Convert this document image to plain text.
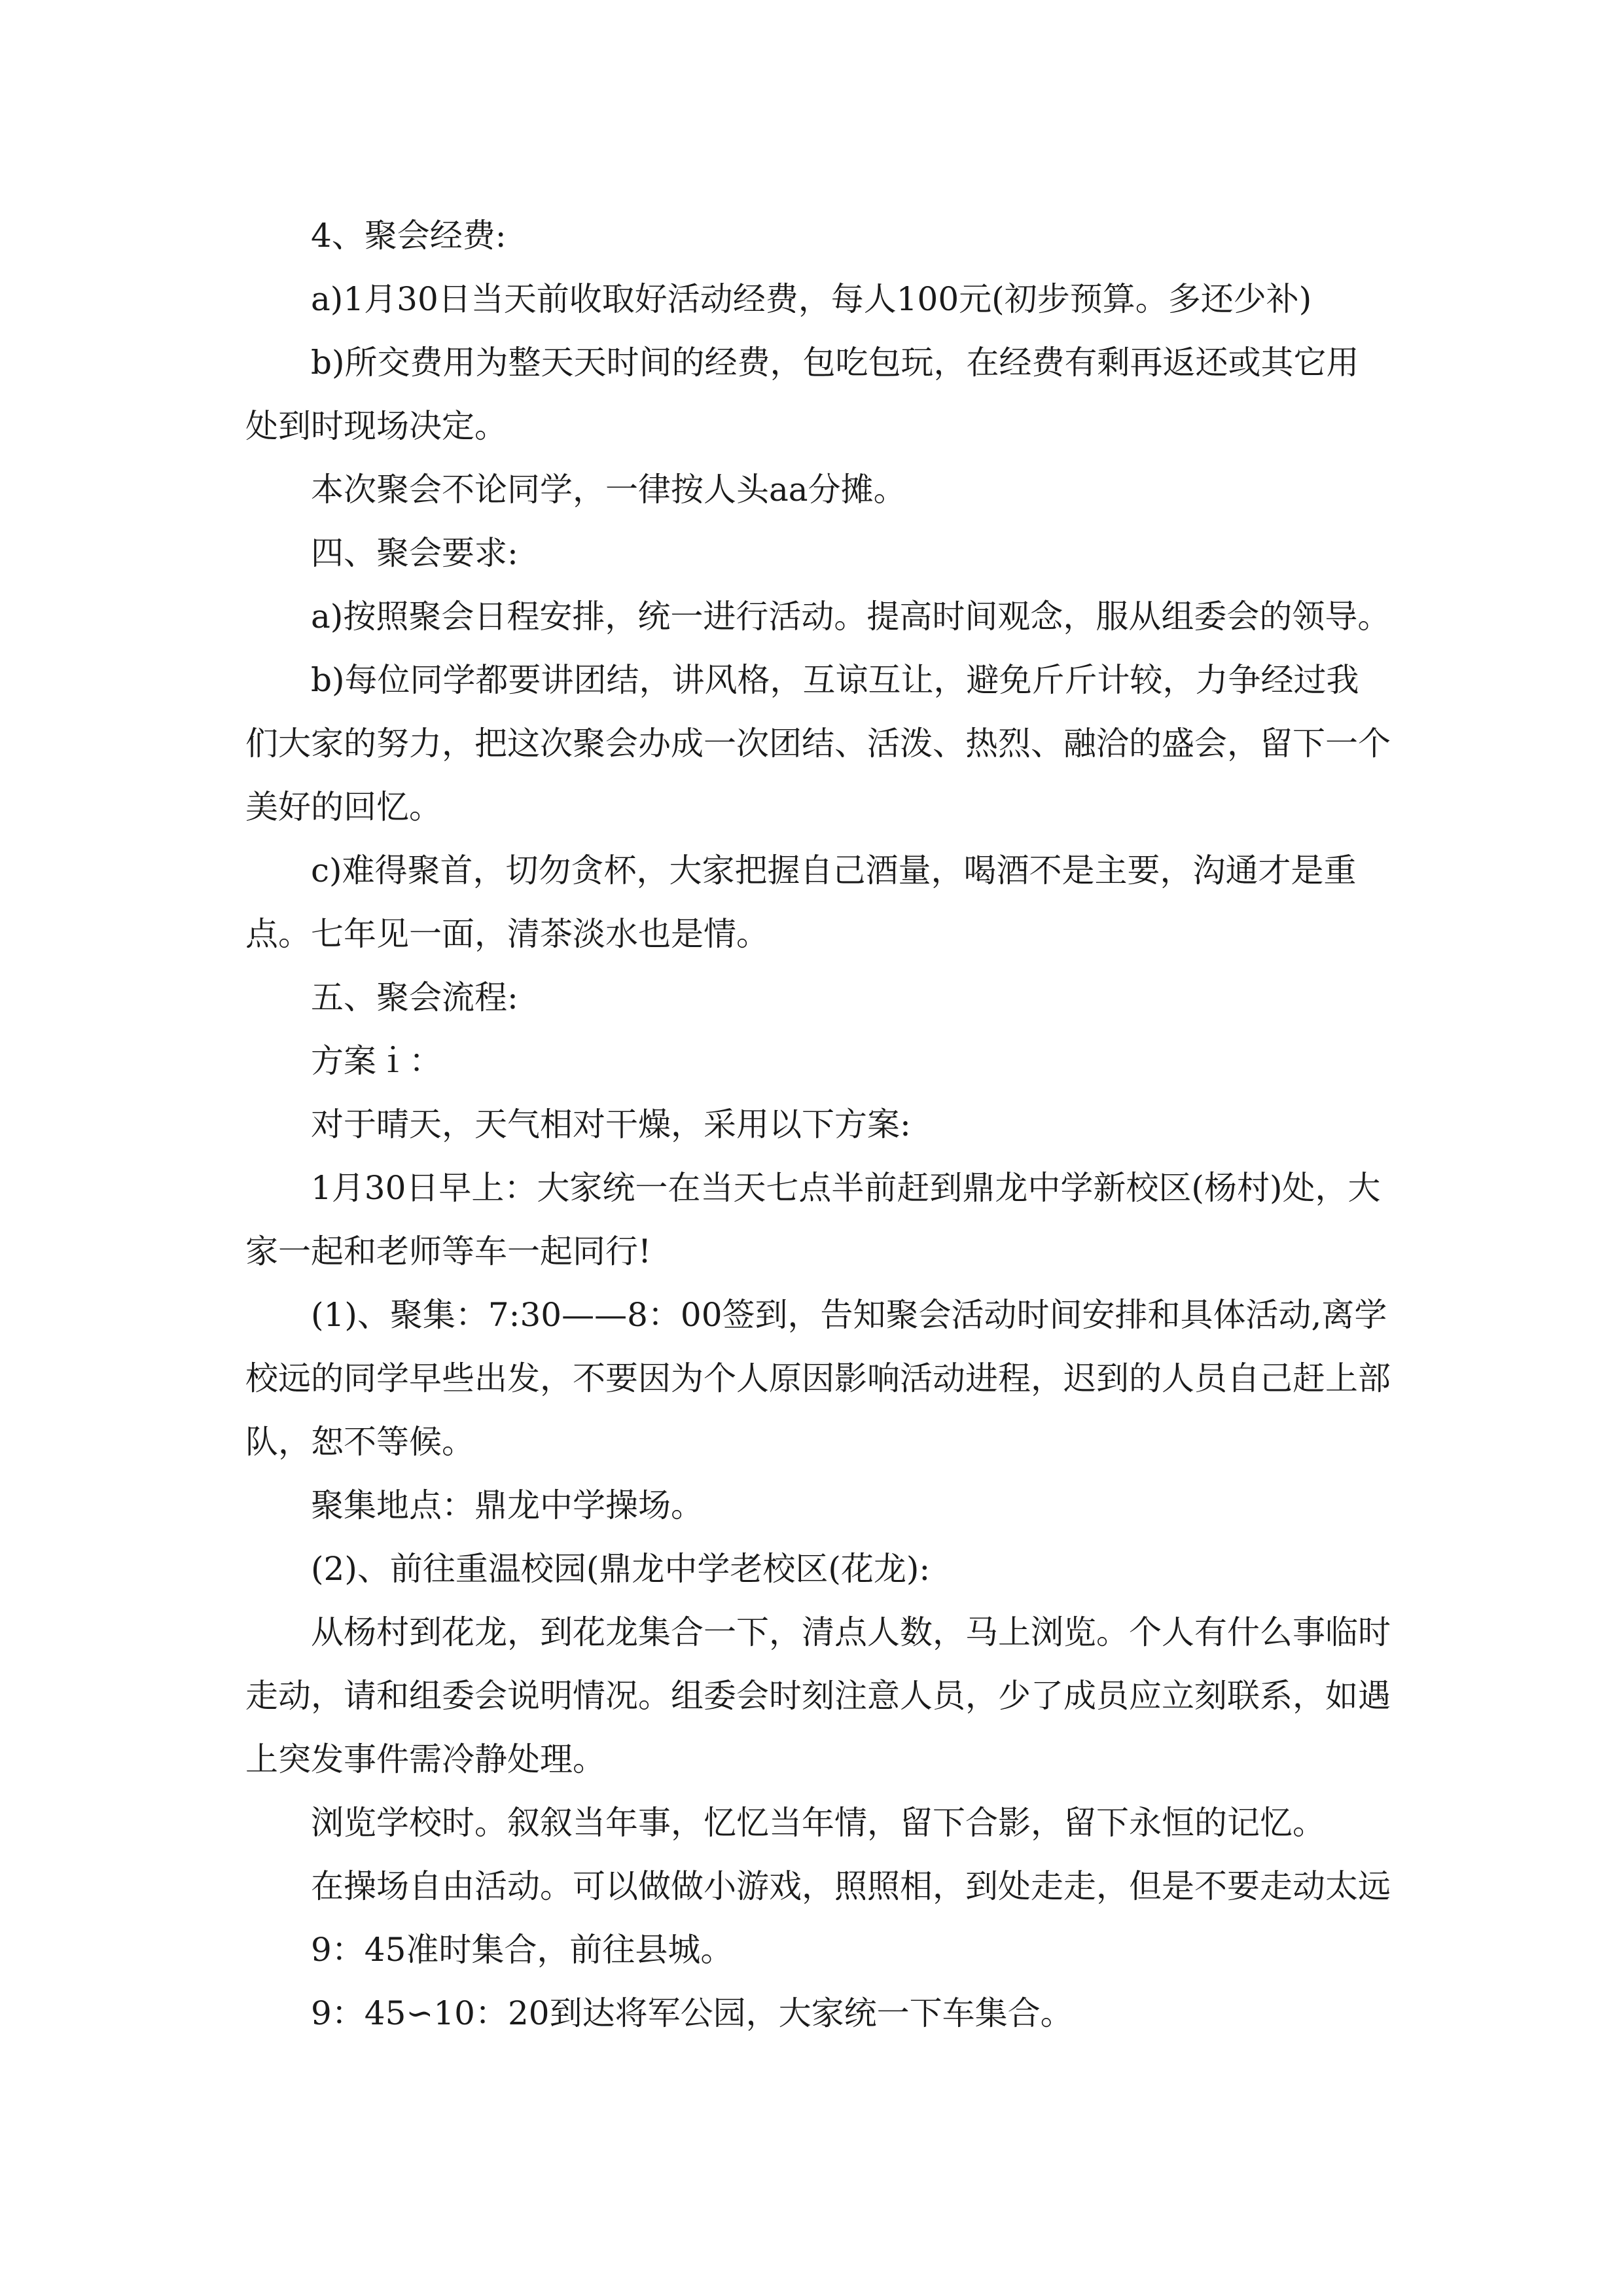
4、聚会经费:

a)1月30日当天前收取好活动经费，每人100元(初步预算。多还少补)

b)所交费用为整天天时间的经费，包吃包玩，在经费有剩再返还或其它用处到时现场决定。

本次聚会不论同学，一律按人头aa分摊。

四、聚会要求:

a)按照聚会日程安排，统一进行活动。提高时间观念，服从组委会的领导。

b)每位同学都要讲团结，讲风格，互谅互让，避免斤斤计较，力争经过我们大家的努力，把这次聚会办成一次团结、活泼、热烈、融洽的盛会，留下一个美好的回忆。

c)难得聚首，切勿贪杯，大家把握自己酒量，喝酒不是主要，沟通才是重点。七年见一面，清茶淡水也是情。

五、聚会流程:

方案ｉ：

对于晴天，天气相对干燥，采用以下方案:

1月30日早上：大家统一在当天七点半前赶到鼎龙中学新校区(杨村)处，大家一起和老师等车一起同行!

(1)、聚集：7:30——8：00签到，告知聚会活动时间安排和具体活动,离学校远的同学早些出发，不要因为个人原因影响活动进程，迟到的人员自己赶上部队，恕不等候。

聚集地点：鼎龙中学操场。

(2)、前往重温校园(鼎龙中学老校区(花龙):

从杨村到花龙，到花龙集合一下，清点人数，马上浏览。个人有什么事临时走动，请和组委会说明情况。组委会时刻注意人员，少了成员应立刻联系，如遇上突发事件需冷静处理。

浏览学校时。叙叙当年事，忆忆当年情，留下合影，留下永恒的记忆。

在操场自由活动。可以做做小游戏，照照相，到处走走，但是不要走动太远

9：45准时集合，前往县城。

9：45∽10：20到达将军公园，大家统一下车集合。
